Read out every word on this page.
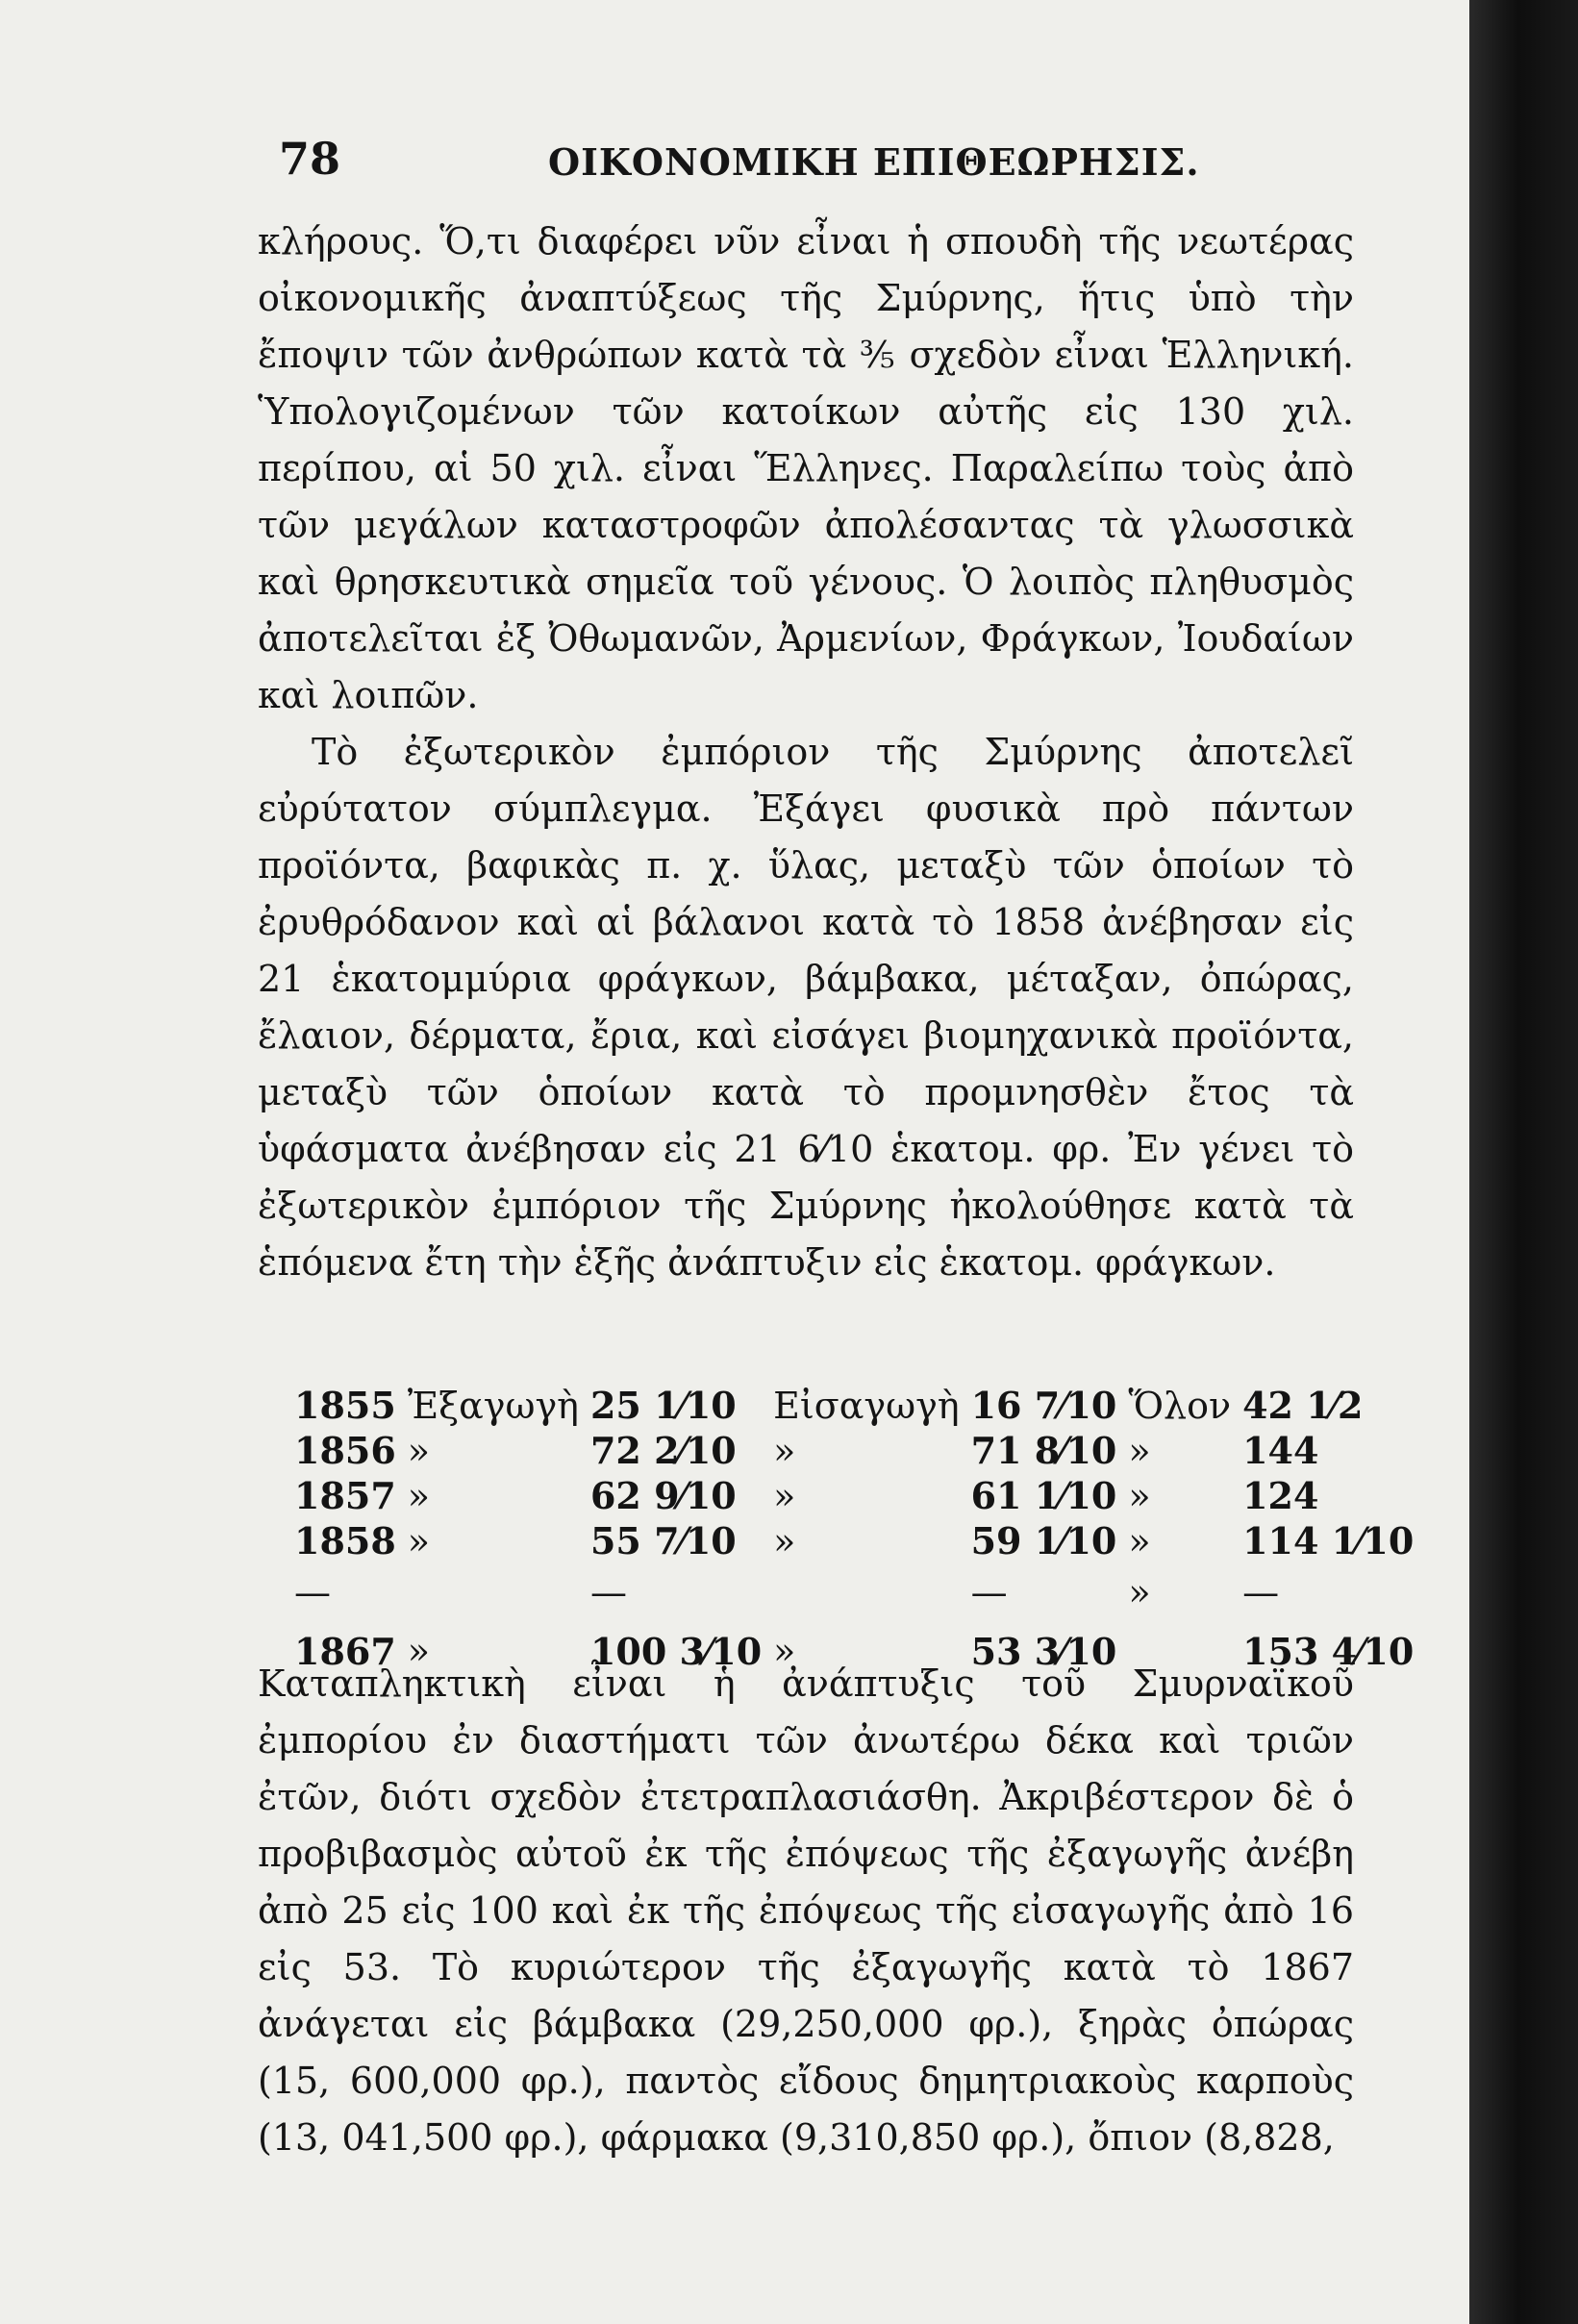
78	ΟΙΚΟΝΟΜΙΚΗ ΕΠΙΘΕΩΡΗΣΙΣ.

κλήρους. Ὅ,τι διαφέρει νῦν εἶναι ἡ σπουδὴ τῆς νεωτέρας οἰκονομικῆς ἀναπτύξεως τῆς Σμύρνης, ἥτις ὑπὸ τὴν ἔποψιν τῶν ἀνθρώπων κατὰ τὰ ⅗ σχεδὸν εἶναι Ἑλληνική. Ὑπολογιζομένων τῶν κατοίκων αὐτῆς εἰς 130 χιλ. περίπου, αἱ 50 χιλ. εἶναι Ἕλληνες. Παραλείπω τοὺς ἀπὸ τῶν μεγάλων καταστροφῶν ἀπολέσαντας τὰ γλωσσικὰ καὶ θρησκευτικὰ σημεῖα τοῦ γένους. Ὁ λοιπὸς πληθυσμὸς ἀποτελεῖται ἐξ Ὀθωμανῶν, Ἀρμενίων, Φράγκων, Ἰουδαίων καὶ λοιπῶν.

Τὸ ἐξωτερικὸν ἐμπόριον τῆς Σμύρνης ἀποτελεῖ εὐρύτατον σύμπλεγμα. Ἐξάγει φυσικὰ πρὸ πάντων προϊόντα, βαφικὰς π. χ. ὕλας, μεταξὺ τῶν ὁποίων τὸ ἐρυθρόδανον καὶ αἱ βάλανοι κατὰ τὸ 1858 ἀνέβησαν εἰς 21 ἑκατομμύρια φράγκων, βάμβακα, μέταξαν, ὀπώρας, ἔλαιον, δέρματα, ἔρια, καὶ εἰσάγει βιομηχανικὰ προϊόντα, μεταξὺ τῶν ὁποίων κατὰ τὸ προμνησθὲν ἔτος τὰ ὑφάσματα ἀνέβησαν εἰς 21 6⁄10 ἑκατομ. φρ. Ἐν γένει τὸ ἐξωτερικὸν ἐμπόριον τῆς Σμύρνης ἠκολούθησε κατὰ τὰ ἑπόμενα ἔτη τὴν ἑξῆς ἀνάπτυξιν εἰς ἑκατομ. φράγκων.

1855	Ἐξαγωγὴ	25 1⁄10	Εἰσαγωγὴ	16 7⁄10	Ὅλον	42 1⁄2
1856	»	72 2⁄10	»	71 8⁄10	»	144
1857	»	62 9⁄10	»	61 1⁄10	»	124
1858	»	55 7⁄10	»	59 1⁄10	»	114 1⁄10
—		—		—	»	—
1867	»	100 3⁄10	»	53 3⁄10		153 4⁄10

Καταπληκτικὴ εἶναι ἡ ἀνάπτυξις τοῦ Σμυρναϊκοῦ ἐμπορίου ἐν διαστήματι τῶν ἀνωτέρω δέκα καὶ τριῶν ἐτῶν, διότι σχεδὸν ἐτετραπλασιάσθη. Ἀκριβέστερον δὲ ὁ προβιβασμὸς αὐτοῦ ἐκ τῆς ἐπόψεως τῆς ἐξαγωγῆς ἀνέβη ἀπὸ 25 εἰς 100 καὶ ἐκ τῆς ἐπόψεως τῆς εἰσαγωγῆς ἀπὸ 16 εἰς 53. Τὸ κυριώτερον τῆς ἐξαγωγῆς κατὰ τὸ 1867 ἀνάγεται εἰς βάμβακα (29,250,000 φρ.), ξηρὰς ὀπώρας (15, 600,000 φρ.), παντὸς εἴδους δημητριακοὺς καρποὺς (13, 041,500 φρ.), φάρμακα (9,310,850 φρ.), ὄπιον (8,828,
